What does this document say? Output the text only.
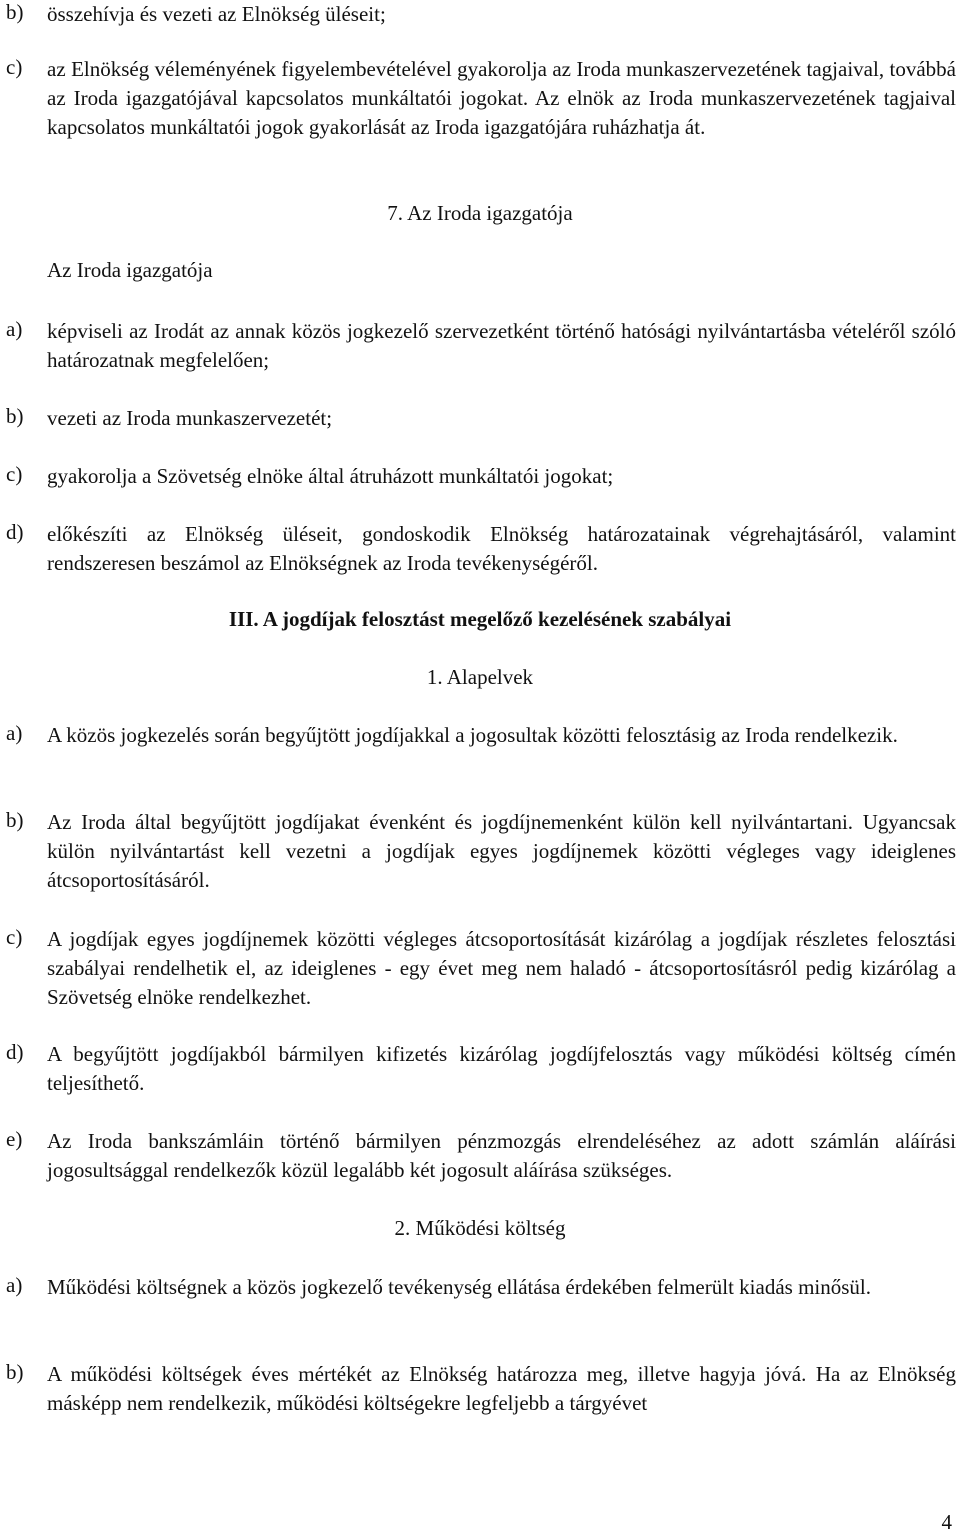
b) összehívja és vezeti az Elnökség üléseit;
c) az Elnökség véleményének figyelembevételével gyakorolja az Iroda munkaszervezetének tagjaival, továbbá az Iroda igazgatójával kapcsolatos munkáltatói jogokat. Az elnök az Iroda munkaszervezetének tagjaival kapcsolatos munkáltatói jogok gyakorlását az Iroda igazgatójára ruházhatja át.
Az Iroda igazgatója
7. Az Iroda igazgatója
a) képviseli az Irodát az annak közös jogkezelő szervezetként történő hatósági nyilvántartásba vételéről szóló határozatnak megfelelően;
b) vezeti az Iroda munkaszervezetét;
c) gyakorolja a Szövetség elnöke által átruházott munkáltatói jogokat;
d) előkészíti az Elnökség üléseit, gondoskodik Elnökség határozatainak végrehajtásáról, valamint rendszeresen beszámol az Elnökségnek az Iroda tevékenységéről.
III. A jogdíjak felosztást megelőző kezelésének szabályai
1. Alapelvek
a) A közös jogkezelés során begyűjtött jogdíjakkal a jogosultak közötti felosztásig az Iroda rendelkezik.
b) Az Iroda által begyűjtött jogdíjakat évenként és jogdíjnemenként külön kell nyilvántartani. Ugyancsak külön nyilvántartást kell vezetni a jogdíjak egyes jogdíjnemek közötti végleges vagy ideiglenes átcsoportosításáról.
c) A jogdíjak egyes jogdíjnemek közötti végleges átcsoportosítását kizárólag a jogdíjak részletes felosztási szabályai rendelhetik el, az ideiglenes - egy évet meg nem haladó - átcsoportosításról pedig kizárólag a Szövetség elnöke rendelkezhet.
d) A begyűjtött jogdíjakból bármilyen kifizetés kizárólag jogdíjfelosztás vagy működési költség címén teljesíthető.
e) Az Iroda bankszámláin történő bármilyen pénzmozgás elrendeléséhez az adott számlán aláírási jogosultsággal rendelkezők közül legalább két jogosult aláírása szükséges.
2. Működési költség
a) Működési költségnek a közös jogkezelő tevékenység ellátása érdekében felmerült kiadás minősül.
b) A működési költségek éves mértékét az Elnökség határozza meg, illetve hagyja jóvá. Ha az Elnökség másképp nem rendelkezik, működési költségekre legfeljebb a tárgyévet
4
